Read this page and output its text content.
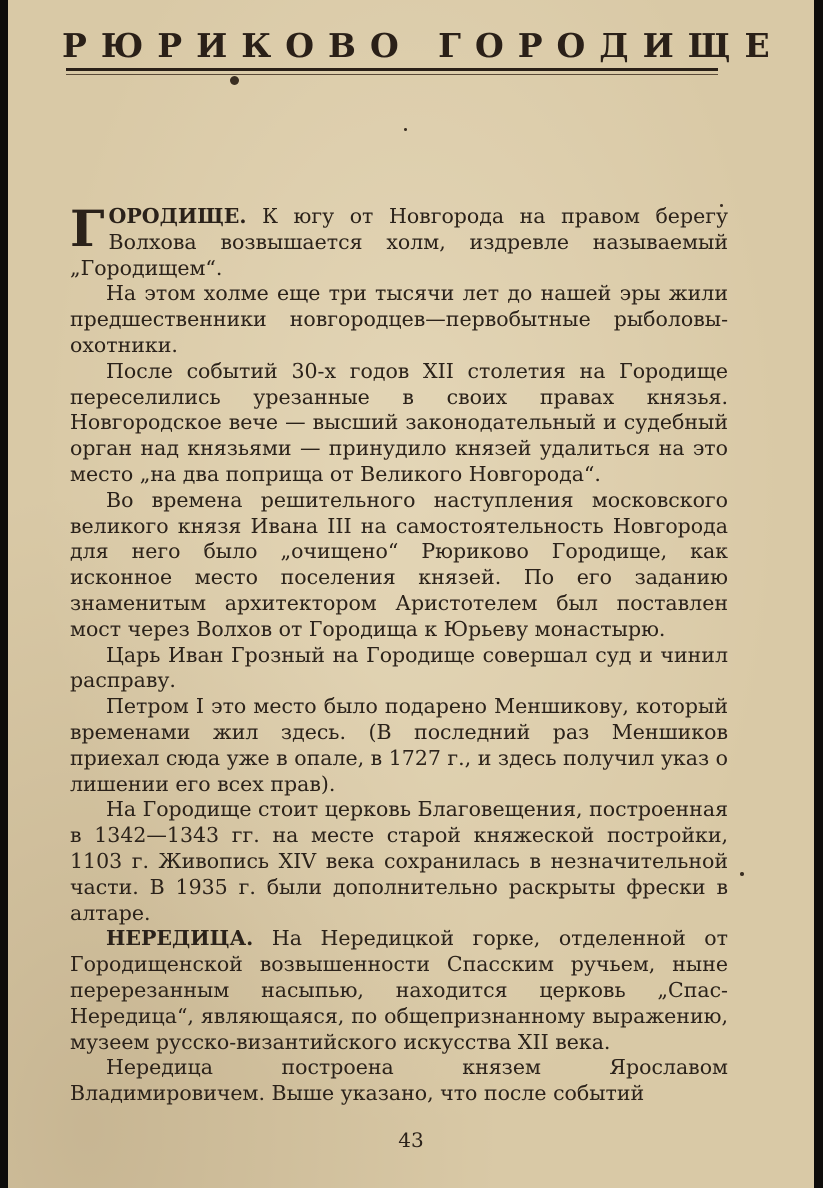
РЮРИКОВО ГОРОДИЩЕ

ГОРОДИЩЕ. К югу от Новгорода на правом берегу Волхова возвышается холм, издревле называемый „Городищем“.

На этом холме еще три тысячи лет до нашей эры жили предшественники новгородцев—первобытные рыболовы-охотники.

После событий 30-х годов XII столетия на Городище переселились урезанные в своих правах князья. Новгородское вече — высший законодательный и судебный орган над князьями — принудило князей удалиться на это место „на два поприща от Великого Новгорода“.

Во времена решительного наступления московского великого князя Ивана III на самостоятельность Новгорода для него было „очищено“ Рюриково Городище, как исконное место поселения князей. По его заданию знаменитым архитектором Аристотелем был поставлен мост через Волхов от Городища к Юрьеву монастырю.

Царь Иван Грозный на Городище совершал суд и чинил расправу.

Петром I это место было подарено Меншикову, который временами жил здесь. (В последний раз Меншиков приехал сюда уже в опале, в 1727 г., и здесь получил указ о лишении его всех прав).

На Городище стоит церковь Благовещения, построенная в 1342—1343 гг. на месте старой княжеской постройки, 1103 г. Живопись XIV века сохранилась в незначительной части. В 1935 г. были дополнительно раскрыты фрески в алтаре.

НЕРЕДИЦА. На Нередицкой горке, отделенной от Городищенской возвышенности Спасским ручьем, ныне перерезанным насыпью, находится церковь „Спас-Нередица“, являющаяся, по общепризнанному выражению, музеем русско-византийского искусства XII века.

Нередица построена князем Ярославом Владимировичем. Выше указано, что после событий

43
